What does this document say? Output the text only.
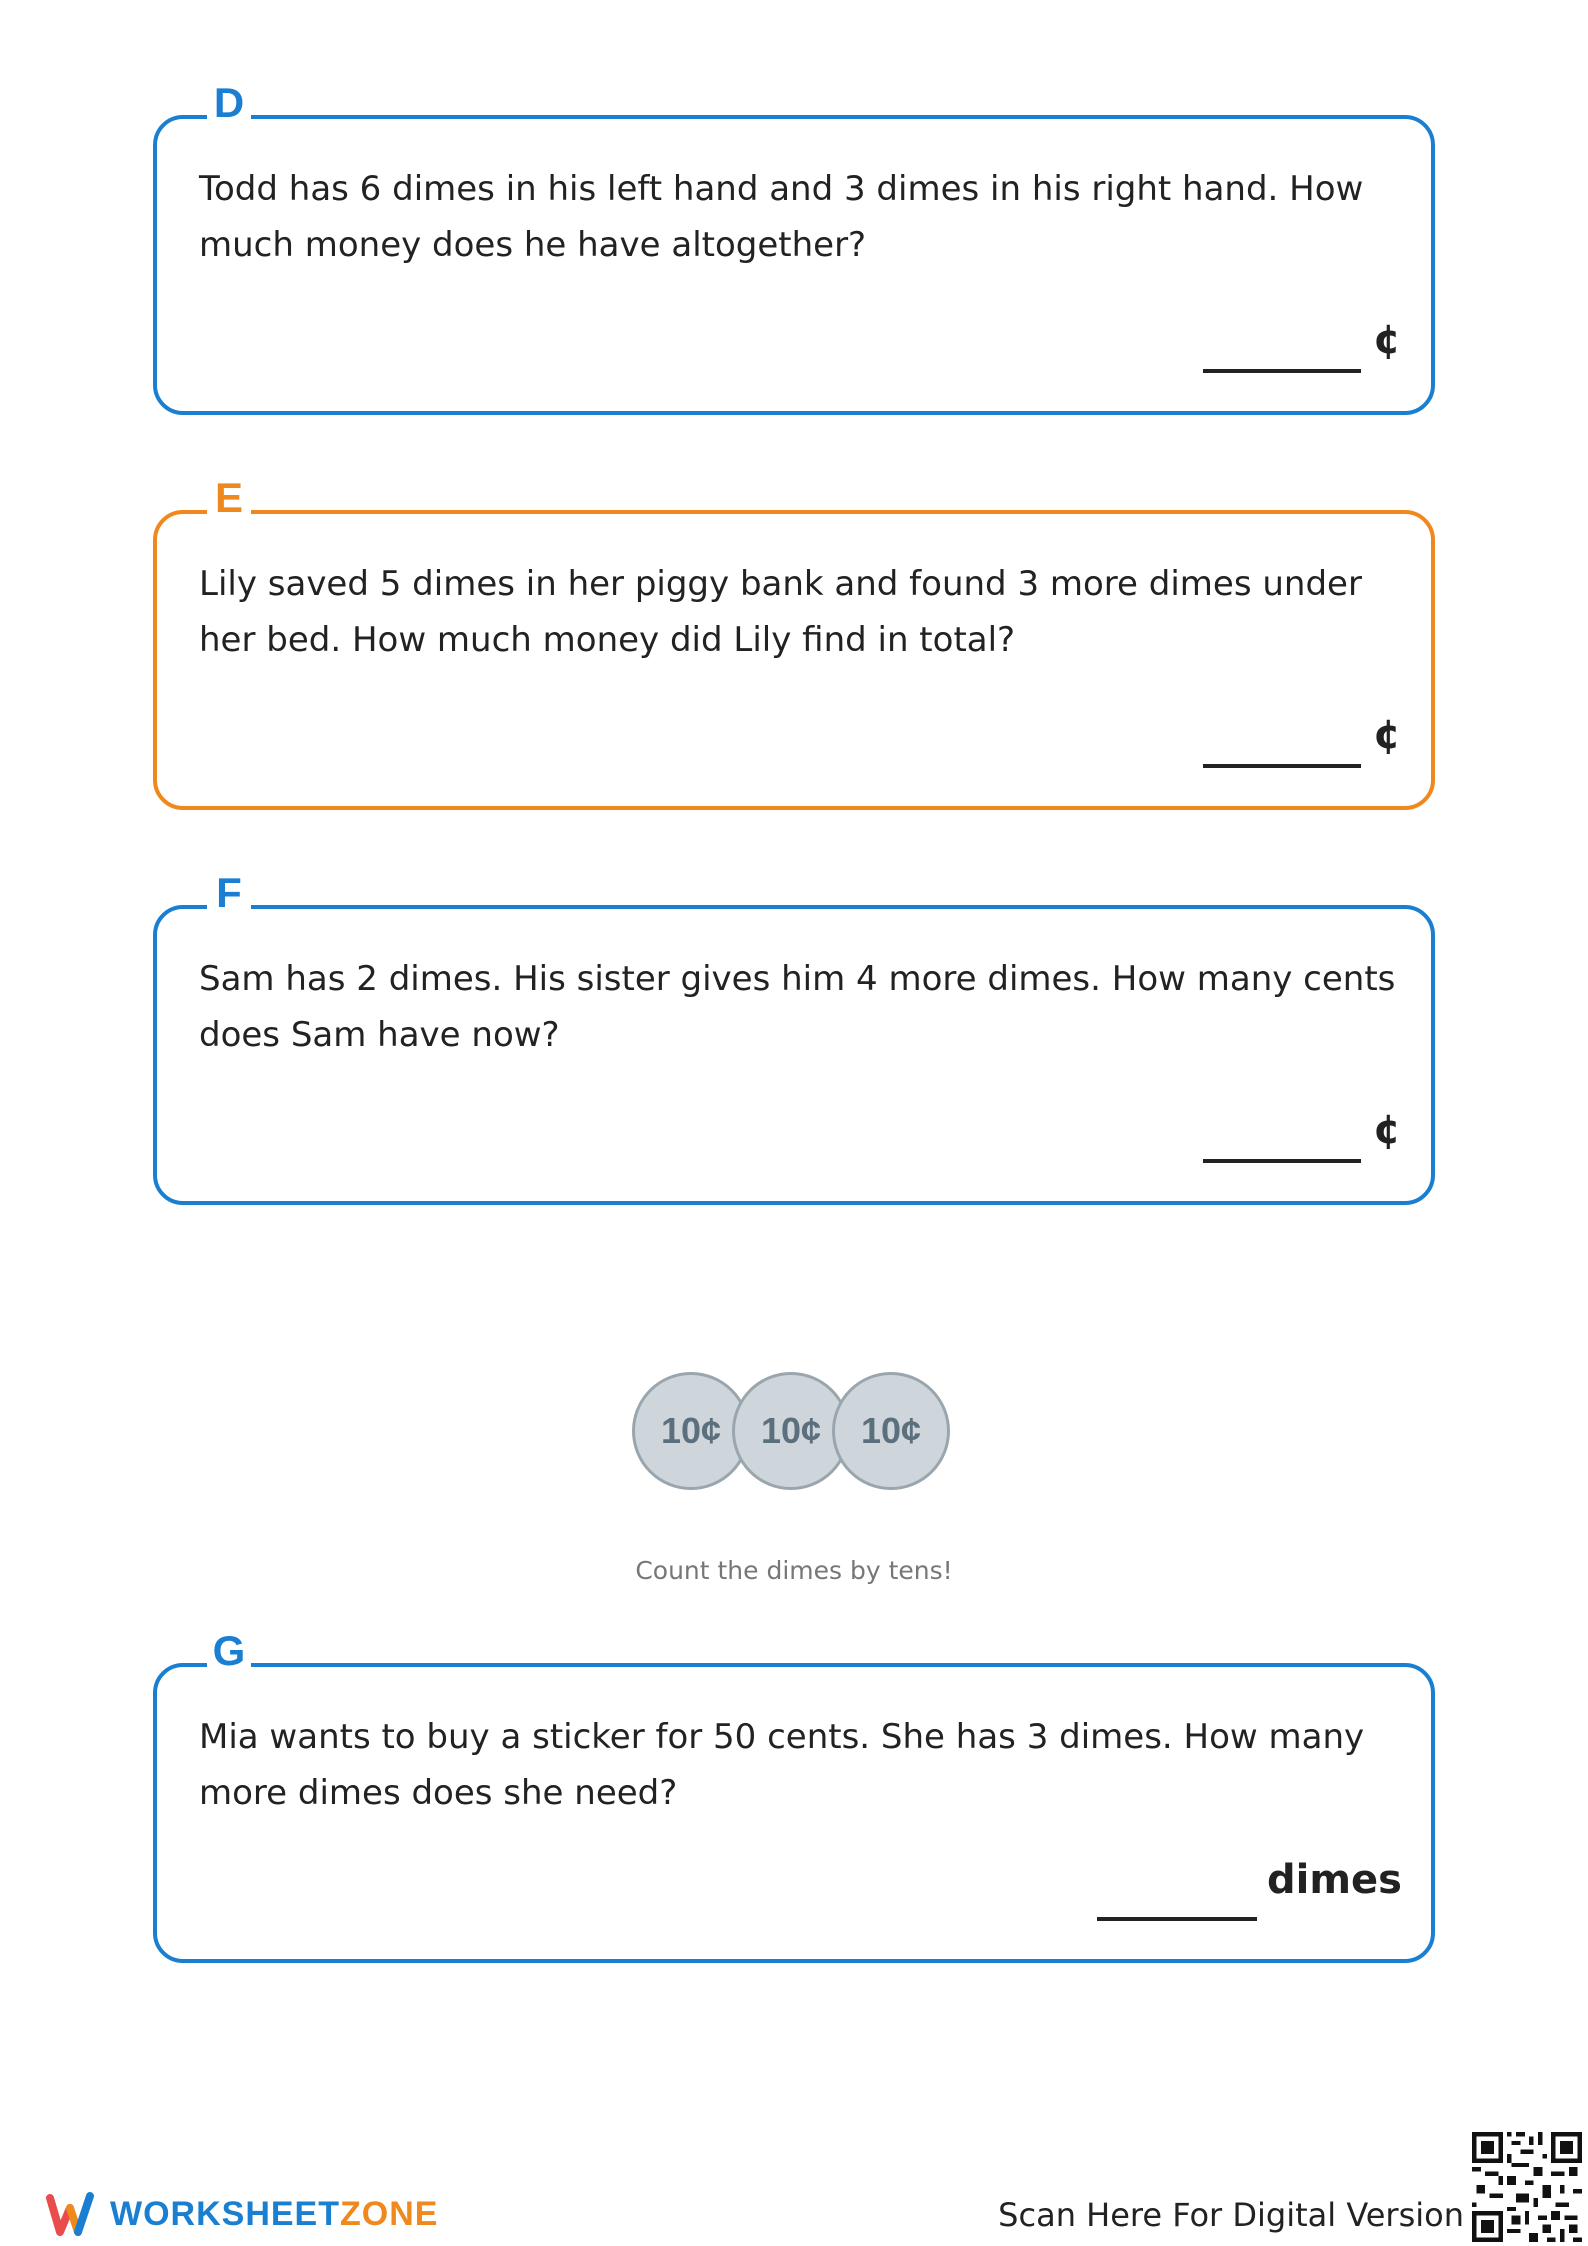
D
Todd has 6 dimes in his left hand and 3 dimes in his right hand. How much money does he have altogether?
¢
E
Lily saved 5 dimes in her piggy bank and found 3 more dimes under her bed. How much money did Lily find in total?
¢
F
Sam has 2 dimes. His sister gives him 4 more dimes. How many cents does Sam have now?
¢
10¢	10¢	10¢
Count the dimes by tens!
G
Mia wants to buy a sticker for 50 cents. She has 3 dimes. How many more dimes does she need?
dimes
WORKSHEETZONE	Scan Here For Digital Version
